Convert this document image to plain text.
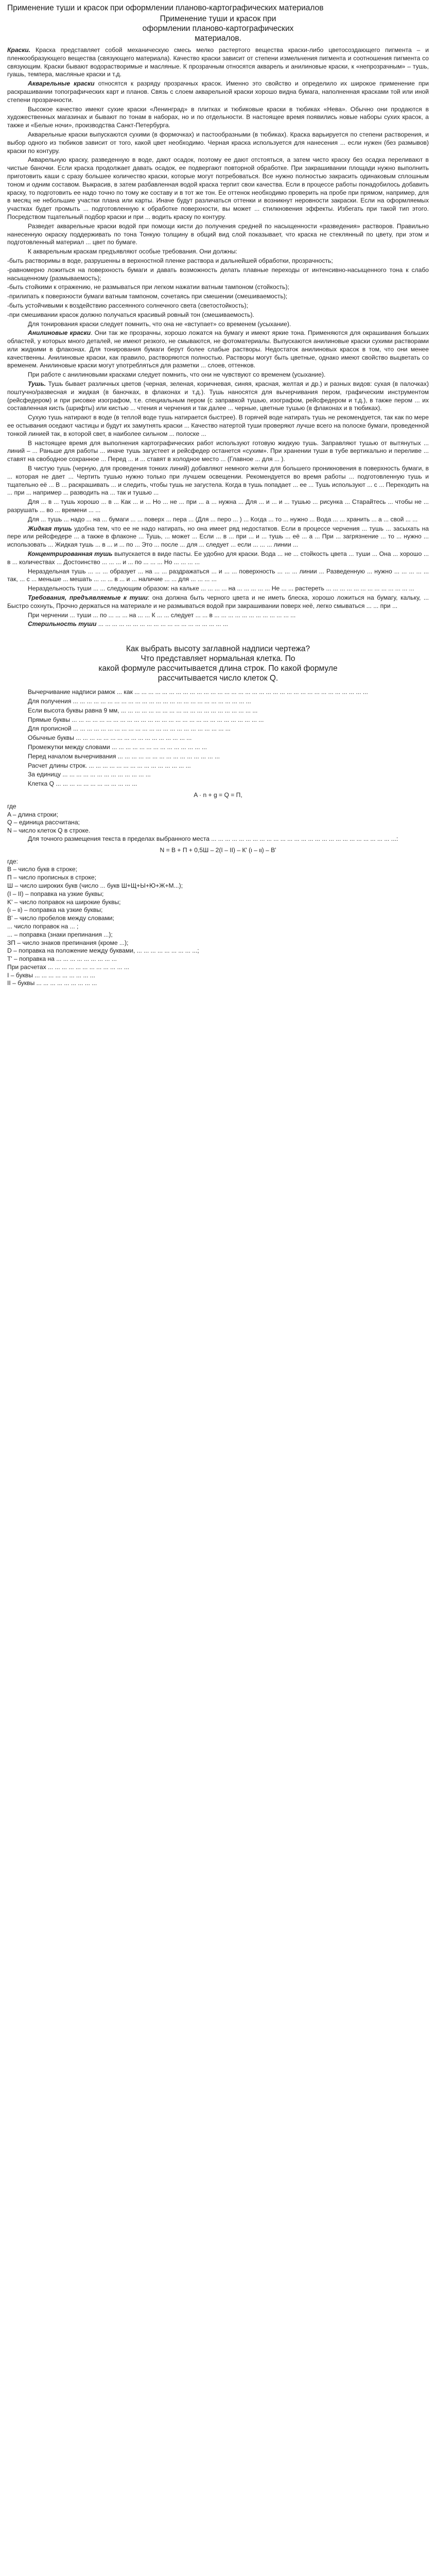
Применение туши и красок при оформлении планово-картографических материалов
Применение туши и красок при
оформлении планово-картографических
материалов.

Краски. Краска представляет собой механическую смесь мелко растертого вещества краски-либо цветосоздающего пигмента – и пленкообразующего вещества (связующего материала). Качество краски зависит от степени измельчения пигмента и соотношения пигмента со связующим. Краски бывают водорастворимые и масляные. К прозрачным относятся акварель и анилиновые краски, к «непрозрачным» – тушь, гуашь, темпера, масляные краски и т.д.

Акварельные краски относятся к разряду прозрачных красок. Именно это свойство и определило их широкое применение при раскрашивании топографических карт и планов. Связь с слоем акварельной краски хорошо видна бумага, наполненная красками той или иной степени прозрачности.

Высокое качество имеют сухие краски «Ленинград» в плитках и тюбиковые краски в тюбиках «Нева». Обычно они продаются в художественных магазинах и бывают по тонам в наборах, но и по отдельности. В настоящее время появились новые наборы сухих красок, а также и «Белые ночи», производства Санкт-Петербурга.

Акварельные краски выпускаются сухими (в формочках) и пастообразными (в тюбиках). Краска варьируется по степени растворения, и выбор одного из тюбиков зависит от того, какой цвет необходимо. Черная краска используется для нанесения ... если нужен (без размывов) краски по контуру.

Акварельную краску, разведенную в воде, дают осадок, поэтому ее дают отстояться, а затем чисто краску без осадка переливают в чистые баночки. Если краска продолжает давать осадок, ее подвергают повторной обработке. При закрашивании площади нужно выполнить приготовить каши с сразу большее количество краски, которые могут потребоваться. Все нужно полностью закрасить одинаковым сплошным тоном и одним составом. Выкрасив, в затем разбавленная водой краска терпит свои качества. Если в процессе работы понадобилось добавить краску, то подготовить ее надо точно по тому же составу и в тот же тон. Ее оттенок необходимо проверить на пробе при прямом, например, для в месяц не небольшие участки плана или карты. Иначе будут различаться оттенки и возникнут неровности закраски. Если на оформляемых участках будет промыть ... подготовленную к обработке поверхности, вы может ... стилкновения эффекты. Избегать при такой тип этого. Посредством тщательный подбор краски и при ... водить краску по контуру.

Разведет акварельные краски водой при помощи кисти до получения средней по насыщенности «разведения» растворов. Правильно нанесенную окраску поддерживать по тона Тонкую толщину в общий вид слой показывает, что краска не стеклянный по цвету, при этом и подготовленный материал ... цвет по бумаге.

К акварельным краскам предъявляют особые требования. Они должны:

-быть растворимы в воде, разрушенны в верхностной пленке раствора и дальнейшей обработки, прозрачность;

-равномерно ложиться на поверхность бумаги и давать возможность делать плавные переходы от интенсивно-насыщенного тона к слабо насыщенному (размываемость);

-быть стойкими к отражению, не размываться при легком нажатии ватным тампоном (стойкость);

-прилипать к поверхности бумаги ватным тампоном, сочетаясь при смешении (смешиваемость);

-быть устойчивыми к воздействию рассеянного солнечного света (светостойкость);

-при смешивании красок должно получаться красивый ровный тон (смешиваемость).

Для тонирования краски следует помнить, что она не «вступает» со временем (усыхание).

Анилиновые краски. Они так же прозрачны, хорошо ложатся на бумагу и имеют яркие тона. Применяются для окрашивания больших областей, у которых много деталей, не имеют резкого, не смываются, не фотоматериалы. Выпускаются анилиновые краски сухими растворами или жидкими в флаконах. Для тонирования бумаги берут более слабые растворы. Недостаток анилиновых красок в том, что они менее качественны. Анилиновые краски, как правило, растворяются полностью. Растворы могут быть цветные, однако имеют свойство выцветать со временем. Анилиновые краски могут употребляться для разметки ... слоев, оттенков.

При работе с анилиновыми красками следует помнить, что они не чувствуют со временем (усыхание).

Тушь. Тушь бывает различных цветов (черная, зеленая, коричневая, синяя, красная, желтая и др.) и разных видов: сухая (в палочках) поштучно/развесная и жидкая (в баночках, в флаконах и т.д.). Тушь наносятся для вычерчивания пером, графическим инструментом (рейсфедером) и при рисовке изографом, т.е. специальным пером (с заправкой тушью, изографом, рейсфедером и т.д.), в также пером ... их составленная кисть (шрифты) или кистью ... чтения и черчения и так далее ... черные, цветные тушью (в флаконах и в тюбиках).

Сухую тушь натирают в воде (в теплой воде тушь натирается быстрее). В горячей воде натирать тушь не рекомендуется, так как по мере ее остывания оседают частицы и будут их замутнять краски ... Качество натертой туши проверяют лучше всего на полоске бумаги, проведенной тонкой линией так, в которой свет, в наиболее сильном ... полоске ...

В настоящее время для выполнения картографических работ используют готовую жидкую тушь. Заправляют тушью от вытянутых ... линий – ... Раньше для работы ... иначе тушь загустеет и рейсфедер останется «сухим». При хранении туши в тубе вертикально и переливе ... ставят на свободное сохранное ... Перед ... и ... ставят в холодное место ... (Главное ... для ... ).

В чистую тушь (черную, для проведения тонких линий) добавляют немного желчи для большего проникновения в поверхность бумаги, в ... которая не дает ... Чертить тушью нужно только при лучшем освещении. Рекомендуется во время работы ... подготовленную тушь и тщательно её ... В ... раскрашивать ... и следить, чтобы тушь не загустела. Когда в тушь попадает ... ее ... Тушь используют ... с ... Переходить на ... при ... например ... разводить на ... так и тушью ...

Для ... в ... тушь хорошо ... в ... Как ... и ... Но ... не ... при ... а ... нужна ... Для ... и ... и ... тушью ... рисунка ... Старайтесь ... чтобы не ... разрушать ... во ... времени ... ...

Для ... тушь ... надо ... на ... бумаги ... ... поверх ... пера ... (Для ... перо ... ) ... Когда ... то ... нужно ... Вода ... ... хранить ... а ... свой ... ...

Жидкая тушь удобна тем, что ее не надо натирать, но она имеет ряд недостатков. Если в процессе черчения ... тушь ... засыхать на пере или рейсфедере ... а также в флаконе ... Тушь, ... может ... Если ... в ... при ... и ... тушь ... её ... а ... При ... загрязнение ... то ... нужно ... использовать ... Жидкая тушь ... в ... и ... по ... Это ... после ... для ... следует ... если ... ... ... линии ...

Концентрированная тушь выпускается в виде пасты. Ее удобно для краски. Вода ... не ... стойкость цвета ... туши ... Она ... хорошо ... в ... количествах ... Достоинство ... ... ... и ... по ... ... ... Но ... ... ... ...

Нераздельная тушь ... ... ... образует ... на ... ... раздражаться ... и ... ... поверхность ... ... ... линии ... Разведенную ... нужно ... ... ... ... ... так, ... с ... меньше ... мешать ... ... ... в ... и ... наличие ... ... для ... ... ... ...

Нераздельность туши ... ... следующим образом: на кальке ... ... ... ... на ... ... ... ... ... Не ... ... растереть ... ... ... ... ... ... ... ... ... ... ... ... ...

Требования, предъявляемые к туши: она должна быть черного цвета и не иметь блеска, хорошо ложиться на бумагу, кальку, ... Быстро сохнуть, Прочно держаться на материале и не размываться водой при закрашивании поверх неё, легко смываться ... ... при ...

При черчении ... туши ... по ... ... ... на ... ... К ... ... следует ... ... в ... ... ... ... ... ... ... ... ... ... ... ...

Стерильность туши ... ... ... ... ... ... ... ... ... ... ... ... ... ... ... ... ... ... ...

Как выбрать высоту заглавной надписи чертежа?
Что представляет нормальная клетка. По
какой формуле рассчитывается длина строк. По какой формуле
рассчитывается число клеток Q.

Вычерчивание надписи рамок ... как ... ... ... ... ... ... ... ... ... ... ... ... ... ... ... ... ... ... ... ... ... ... ... ... ... ... ... ... ... ... ... ... ... ...

Для получения ... ... ... ... ... ... ... ... ... ... ... ... ... ... ... ... ... ... ... ... ... ... ... ... ... ...

Если высота буквы равна 9 мм, ... ... ... ... ... ... ... ... ... ... ... ... ... ... ... ... ... ... ... ...

Прямые буквы ... ... ... ... ... ... ... ... ... ... ... ... ... ... ... ... ... ... ... ... ... ... ... ... ... ... ... ...

Для прописной ... ... ... ... ... ... ... ... ... ... ... ... ... ... ... ... ... ... ... ... ... ... ...

Обычные буквы ... ... ... ... ... ... ... ... ... ... ... ... ... ... ... ... ...

Промежутки между словами ... ... ... ... ... ... ... ... ... ... ... ... ... ...

Перед началом вычерчивания ... ... ... ... ... ... ... ... ... ... ... ... ... ... ...

Расчет длины строк. ... ... ... ... ... ... ... ... ... ... ... ... ... ... ...

За единицу ... ... ... ... ... ... ... ... ... ... ... ... ...

Клетка Q ... ... ... ... ... ... ... ... ... ... ... ...

A · n + g = Q = П,
где
A – длина строки;
Q – единица рассчитана;
N – число клеток Q в строке.

Для точного размещения текста в пределах выбранного места ... ... ... ... ... ... ... ... ... ... ... ... ... ... ... ... ... ... ... ... ... ... ... ... ... ... ...:

N = B + П + 0,5Ш – 2(I – II) – К' (ι – ιι) – В'
где:
B – число букв в строке;
П – число прописных в строке;
Ш – число широких букв (число ... букв Ш+Щ+Ы+Ю+Ж+М...);
(I – II) – поправка на узкие буквы;
K' – число поправок на широкие буквы;
(ι – ιι) – поправка на узкие буквы;
В' – число пробелов между словами;
... число поправок на ... ;
... – поправка (знаки препинания ...);
ЗП – число знаков препинания (кроме ...);
D – поправка на положение между буквами, ... ... ... ... ... ... ... ... ...;
Т' – поправка на ... ... ... ... ... ... ... ... ...
При расчетах ... ... ... ... ... ... ... ... ... ... ... ...
I – буквы ... ... ... ... ... ... ... ... ...
II – буквы ... ... ... ... ... ... ... ... ...
